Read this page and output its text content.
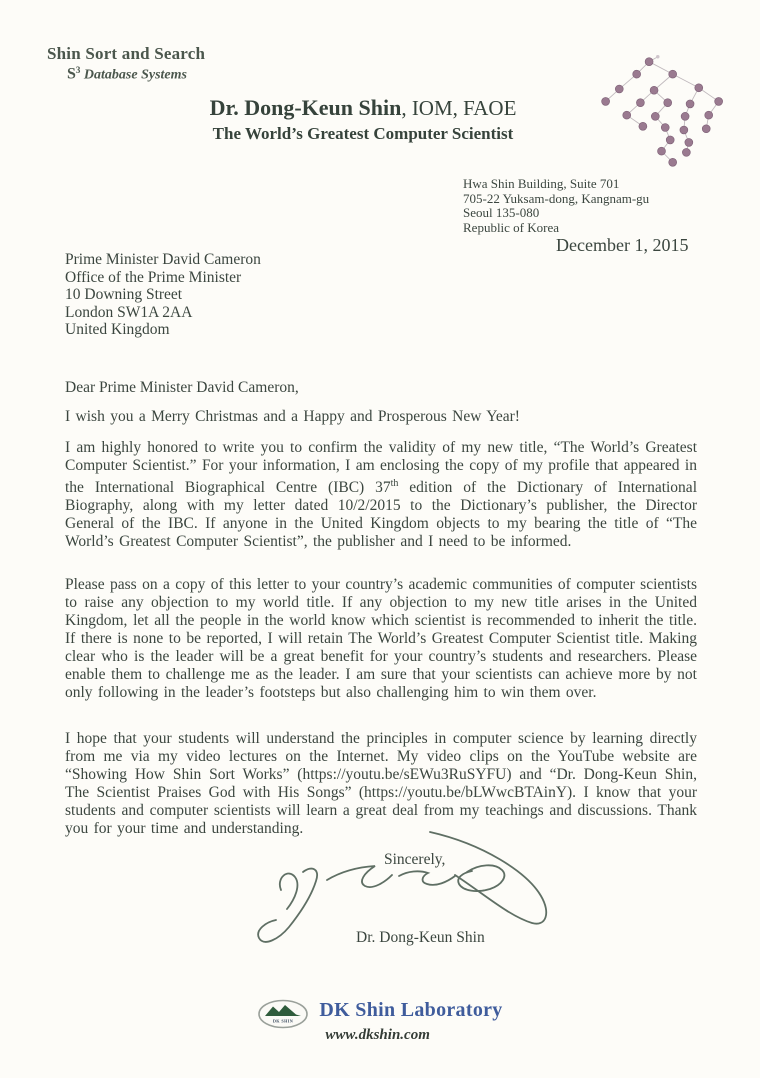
Shin Sort and Search
$S^3$ Database Systems
Dr. Dong-Keun Shin, IOM, FAOE
The World’s Greatest Computer Scientist
Hwa Shin Building, Suite 701
705-22 Yuksam-dong, Kangnam-gu
Seoul 135-080
Republic of Korea
December 1, 2015
Prime Minister David Cameron
Office of the Prime Minister
10 Downing Street
London SW1A 2AA
United Kingdom
Dear Prime Minister David Cameron,

I wish you a Merry Christmas and a Happy and Prosperous New Year!

I am highly honored to write you to confirm the validity of my new title, “The World’s Greatest Computer Scientist.” For your information, I am enclosing the copy of my profile that appeared in the International Biographical Centre (IBC) 37th edition of the Dictionary of International Biography, along with my letter dated 10/2/2015 to the Dictionary’s publisher, the Director General of the IBC. If anyone in the United Kingdom objects to my bearing the title of “The World’s Greatest Computer Scientist”, the publisher and I need to be informed.

Please pass on a copy of this letter to your country’s academic communities of computer scientists to raise any objection to my world title. If any objection to my new title arises in the United Kingdom, let all the people in the world know which scientist is recommended to inherit the title. If there is none to be reported, I will retain The World’s Greatest Computer Scientist title. Making clear who is the leader will be a great benefit for your country’s students and researchers. Please enable them to challenge me as the leader. I am sure that your scientists can achieve more by not only following in the leader’s footsteps but also challenging him to win them over.

I hope that your students will understand the principles in computer science by learning directly from me via my video lectures on the Internet. My video clips on the YouTube website are “Showing How Shin Sort Works” (https://youtu.be/sEWu3RuSYFU) and “Dr. Dong-Keun Shin, The Scientist Praises God with His Songs” (https://youtu.be/bLWwcBTAinY). I know that your students and computer scientists will learn a great deal from my teachings and discussions. Thank you for your time and understanding.

Sincerely,
Dr. Dong-Keun Shin
DK SHIN DK Shin Laboratory
www.dkshin.com
